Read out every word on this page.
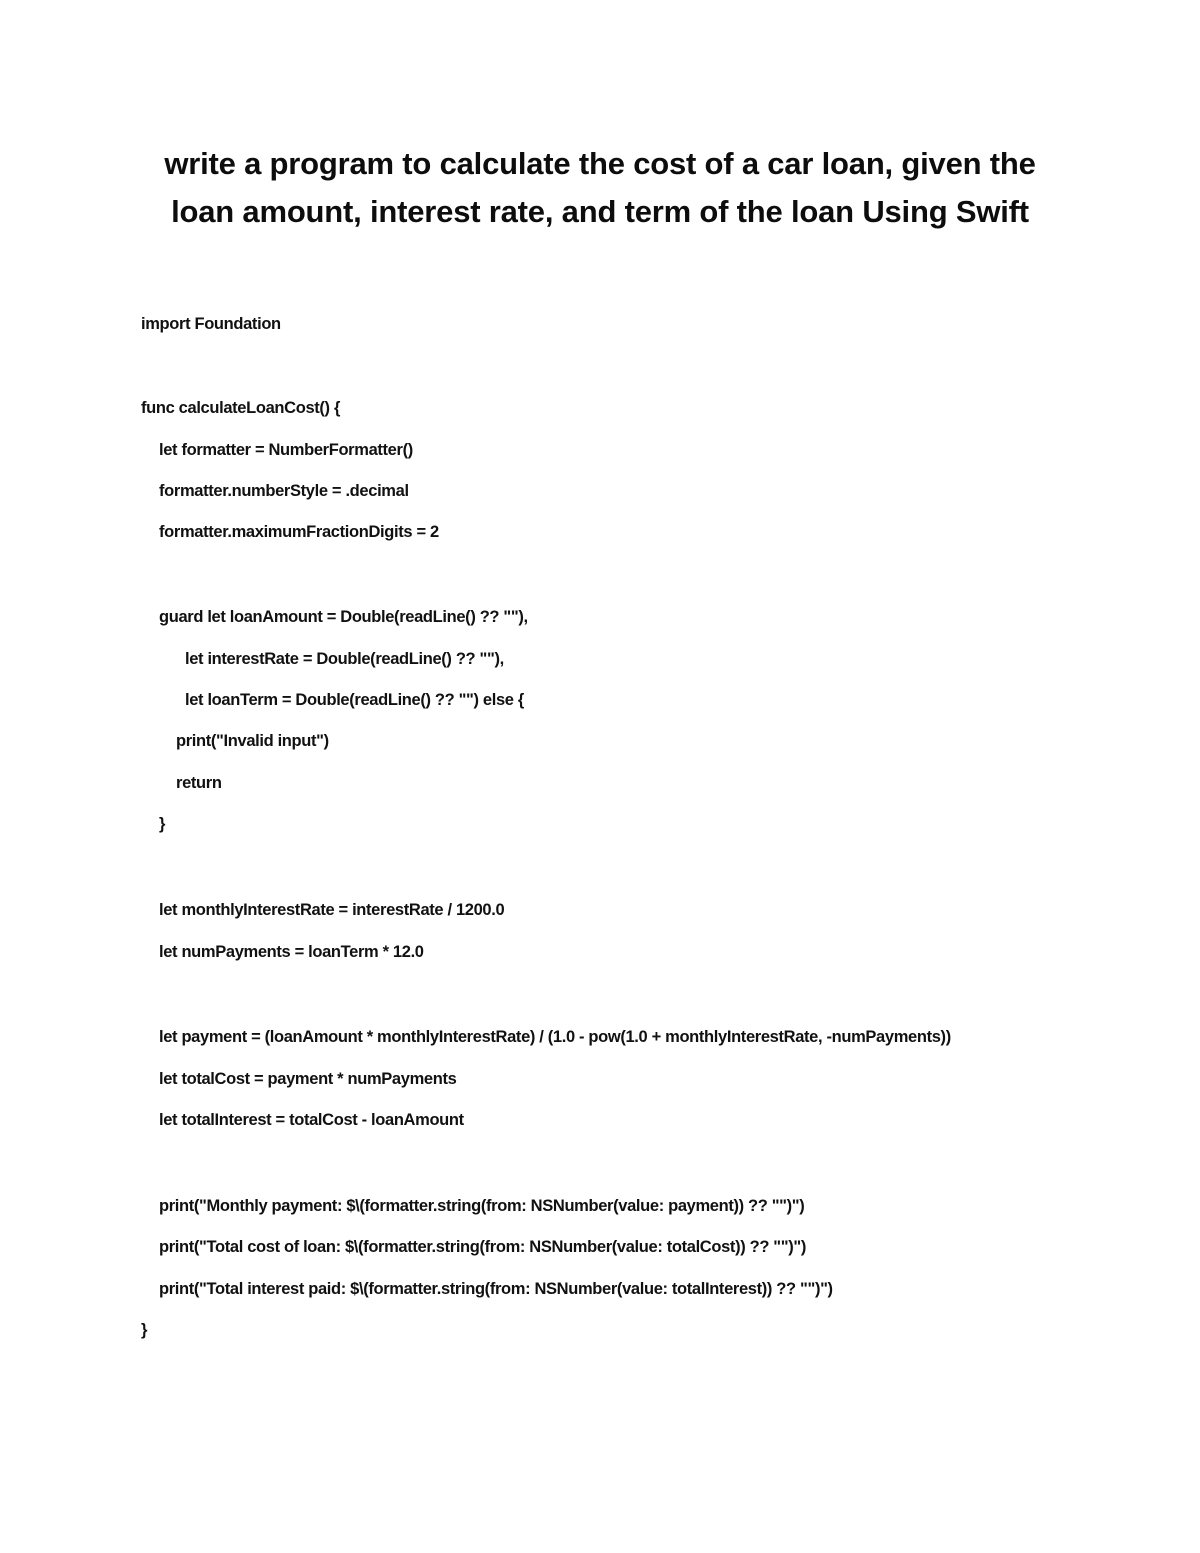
write a program to calculate the cost of a car loan, given the
loan amount, interest rate, and term of the loan Using Swift
import Foundation
func calculateLoanCost() {
let formatter = NumberFormatter()
formatter.numberStyle = .decimal
formatter.maximumFractionDigits = 2
guard let loanAmount = Double(readLine() ?? ""),
let interestRate = Double(readLine() ?? ""),
let loanTerm = Double(readLine() ?? "") else {
print("Invalid input")
return
}
let monthlyInterestRate = interestRate / 1200.0
let numPayments = loanTerm * 12.0
let payment = (loanAmount * monthlyInterestRate) / (1.0 - pow(1.0 + monthlyInterestRate, -numPayments))
let totalCost = payment * numPayments
let totalInterest = totalCost - loanAmount
print("Monthly payment: $\(formatter.string(from: NSNumber(value: payment)) ?? "")")
print("Total cost of loan: $\(formatter.string(from: NSNumber(value: totalCost)) ?? "")")
print("Total interest paid: $\(formatter.string(from: NSNumber(value: totalInterest)) ?? "")")
}
